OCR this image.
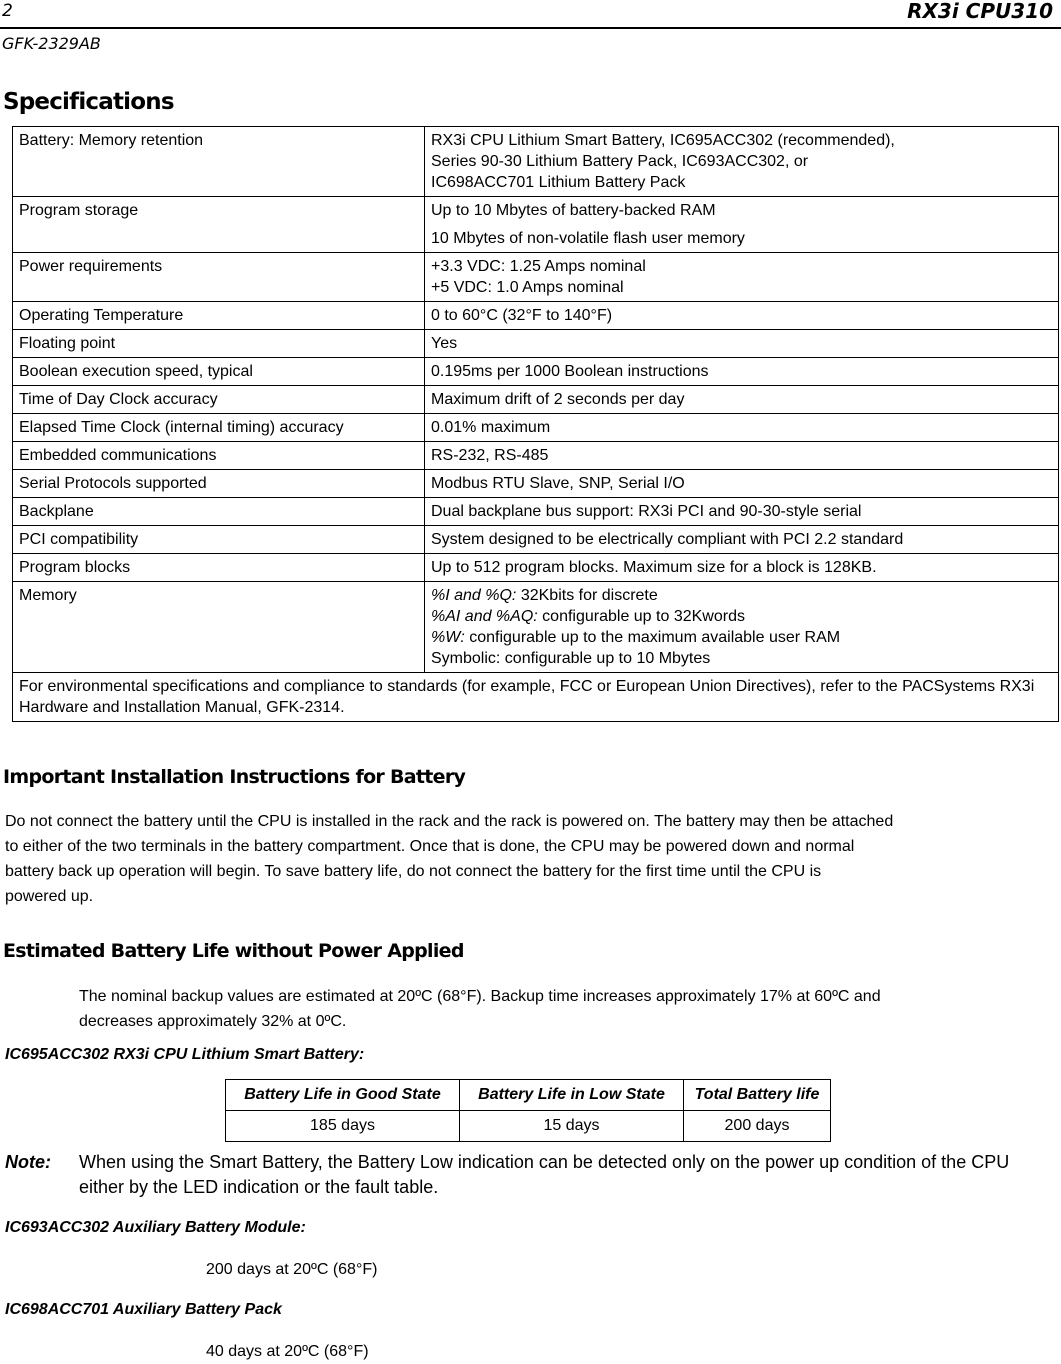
2	RX3i CPU310
GFK-2329AB
Specifications
Battery: Memory retention	RX3i CPU Lithium Smart Battery, IC695ACC302 (recommended),
Series 90-30 Lithium Battery Pack, IC693ACC302, or
IC698ACC701 Lithium Battery Pack

Program storage	Up to 10 Mbytes of battery-backed RAM
10 Mbytes of non-volatile flash user memory

Power requirements	+3.3 VDC: 1.25 Amps nominal
+5 VDC: 1.0 Amps nominal

Operating Temperature	0 to 60°C (32°F to 140°F)
Floating point	Yes
Boolean execution speed, typical	0.195ms per 1000 Boolean instructions
Time of Day Clock accuracy	Maximum drift of 2 seconds per day
Elapsed Time Clock (internal timing) accuracy	0.01% maximum
Embedded communications	RS-232, RS-485
Serial Protocols supported	Modbus RTU Slave, SNP, Serial I/O
Backplane	Dual backplane bus support: RX3i PCI and 90-30-style serial
PCI compatibility	System designed to be electrically compliant with PCI 2.2 standard
Program blocks	Up to 512 program blocks. Maximum size for a block is 128KB.
Memory	%I and %Q: 32Kbits for discrete
%AI and %AQ: configurable up to 32Kwords
%W: configurable up to the maximum available user RAM
Symbolic: configurable up to 10 Mbytes

For environmental specifications and compliance to standards (for example, FCC or European Union Directives), refer to the PACSystems RX3i Hardware and Installation Manual, GFK-2314.	
Important Installation Instructions for Battery
Do not connect the battery until the CPU is installed in the rack and the rack is powered on. The battery may then be attached
to either of the two terminals in the battery compartment. Once that is done, the CPU may be powered down and normal
battery back up operation will begin. To save battery life, do not connect the battery for the first time until the CPU is
powered up.
Estimated Battery Life without Power Applied
The nominal backup values are estimated at 20ºC (68°F). Backup time increases approximately 17% at 60ºC and
decreases approximately 32% at 0ºC.
IC695ACC302 RX3i CPU Lithium Smart Battery:
Battery Life in Good State	Battery Life in Low State	Total Battery life
185 days	15 days	200 days
Note: When using the Smart Battery, the Battery Low indication can be detected only on the power up condition of the CPU either by the LED indication or the fault table.
IC693ACC302 Auxiliary Battery Module:
200 days at 20ºC (68°F)
IC698ACC701 Auxiliary Battery Pack
40 days at 20ºC (68°F)
